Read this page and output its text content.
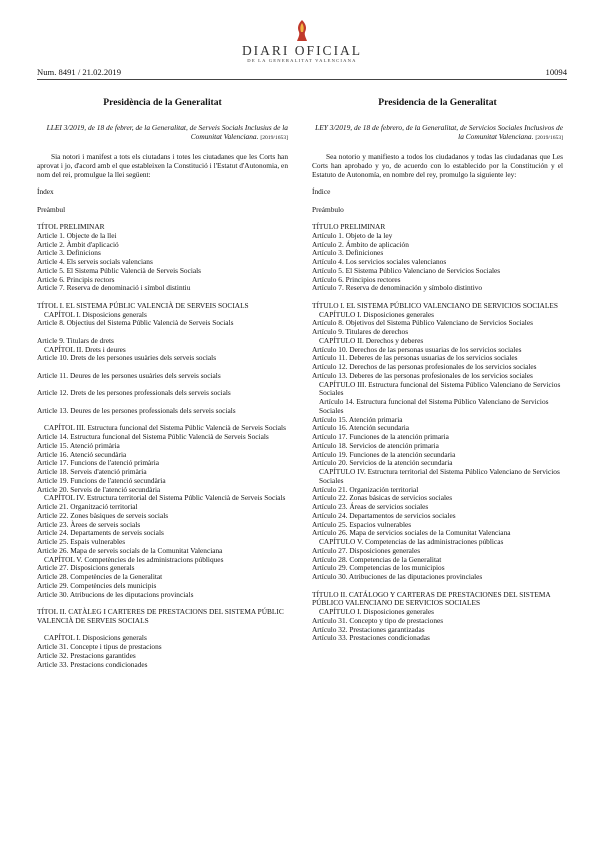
DIARI OFICIAL
DE LA GENERALITAT VALENCIANA
Num. 8491 / 21.02.2019	10094
Presidència de la Generalitat
LLEI 3/2019, de 18 de febrer, de la Generalitat, de Serveis Socials Inclusius de la Comunitat Valenciana. [2019/1653]
Sia notori i manifest a tots els ciutadans i totes les ciutadanes que les Corts han aprovat i jo, d'acord amb el que estableixen la Constitució i l'Estatut d'Autonomia, en nom del rei, promulgue la llei següent:
Índex
Preàmbul
TÍTOL PRELIMINAR
Article 1. Objecte de la llei
Article 2. Àmbit d'aplicació
Article 3. Definicions
Article 4. Els serveis socials valencians
Article 5. El Sistema Públic Valencià de Serveis Socials
Article 6. Principis rectors
Article 7. Reserva de denominació i símbol distintiu
TÍTOL I. EL SISTEMA PÚBLIC VALENCIÀ DE SERVEIS SOCIALS
CAPÍTOL I. Disposicions generals
Article 8. Objectius del Sistema Públic Valencià de Serveis Socials
Article 9. Titulars de drets
CAPÍTOL II. Drets i deures
Article 10. Drets de les persones usuàries dels serveis socials
Article 11. Deures de les persones usuàries dels serveis socials
Article 12. Drets de les persones professionals dels serveis socials
Article 13. Deures de les persones professionals dels serveis socials
CAPÍTOL III. Estructura funcional del Sistema Públic Valencià de Serveis Socials
Article 14. Estructura funcional del Sistema Públic Valencià de Serveis Socials
Article 15. Atenció primària
Article 16. Atenció secundària
Article 17. Funcions de l'atenció primària
Article 18. Serveis d'atenció primària
Article 19. Funcions de l'atenció secundària
Article 20. Serveis de l'atenció secundària
CAPÍTOL IV. Estructura territorial del Sistema Públic Valencià de Serveis Socials
Article 21. Organització territorial
Article 22. Zones bàsiques de serveis socials
Article 23. Àrees de serveis socials
Article 24. Departaments de serveis socials
Article 25. Espais vulnerables
Article 26. Mapa de serveis socials de la Comunitat Valenciana
CAPÍTOL V. Competències de les administracions públiques
Article 27. Disposicions generals
Article 28. Competències de la Generalitat
Article 29. Competències dels municipis
Article 30. Atribucions de les diputacions provincials
TÍTOL II. CATÀLEG I CARTERES DE PRESTACIONS DEL SISTEMA PÚBLIC VALENCIÀ DE SERVEIS SOCIALS
CAPÍTOL I. Disposicions generals
Article 31. Concepte i tipus de prestacions
Article 32. Prestacions garantides
Article 33. Prestacions condicionades
Presidencia de la Generalitat
LEY 3/2019, de 18 de febrero, de la Generalitat, de Servicios Sociales Inclusivos de la Comunitat Valenciana. [2019/1653]
Sea notorio y manifiesto a todos los ciudadanos y todas las ciudadanas que Les Corts han aprobado y yo, de acuerdo con lo establecido por la Constitución y el Estatuto de Autonomía, en nombre del rey, promulgo la siguiente ley:
Índice
Preámbulo
TÍTULO PRELIMINAR
Artículo 1. Objeto de la ley
Artículo 2. Ámbito de aplicación
Artículo 3. Definiciones
Artículo 4. Los servicios sociales valencianos
Artículo 5. El Sistema Público Valenciano de Servicios Sociales
Artículo 6. Principios rectores
Artículo 7. Reserva de denominación y símbolo distintivo
TÍTULO I. EL SISTEMA PÚBLICO VALENCIANO DE SERVICIOS SOCIALES
CAPÍTULO I. Disposiciones generales
Artículo 8. Objetivos del Sistema Público Valenciano de Servicios Sociales
Artículo 9. Titulares de derechos
CAPÍTULO II. Derechos y deberes
Artículo 10. Derechos de las personas usuarias de los servicios sociales
Artículo 11. Deberes de las personas usuarias de los servicios sociales
Artículo 12. Derechos de las personas profesionales de los servicios sociales
Artículo 13. Deberes de las personas profesionales de los servicios sociales
CAPÍTULO III. Estructura funcional del Sistema Público Valenciano de Servicios Sociales
Artículo 14. Estructura funcional del Sistema Público Valenciano de Servicios Sociales
Artículo 15. Atención primaria
Artículo 16. Atención secundaria
Artículo 17. Funciones de la atención primaria
Artículo 18. Servicios de atención primaria
Artículo 19. Funciones de la atención secundaria
Artículo 20. Servicios de la atención secundaria
CAPÍTULO IV. Estructura territorial del Sistema Público Valenciano de Servicios Sociales
Artículo 21. Organización territorial
Artículo 22. Zonas básicas de servicios sociales
Artículo 23. Áreas de servicios sociales
Artículo 24. Departamentos de servicios sociales
Artículo 25. Espacios vulnerables
Artículo 26. Mapa de servicios sociales de la Comunitat Valenciana
CAPÍTULO V. Competencias de las administraciones públicas
Artículo 27. Disposiciones generales
Artículo 28. Competencias de la Generalitat
Artículo 29. Competencias de los municipios
Artículo 30. Atribuciones de las diputaciones provinciales
TÍTULO II. CATÁLOGO Y CARTERAS DE PRESTACIONES DEL SISTEMA PÚBLICO VALENCIANO DE SERVICIOS SOCIALES
CAPÍTULO I. Disposiciones generales
Artículo 31. Concepto y tipo de prestaciones
Artículo 32. Prestaciones garantizadas
Artículo 33. Prestaciones condicionadas
